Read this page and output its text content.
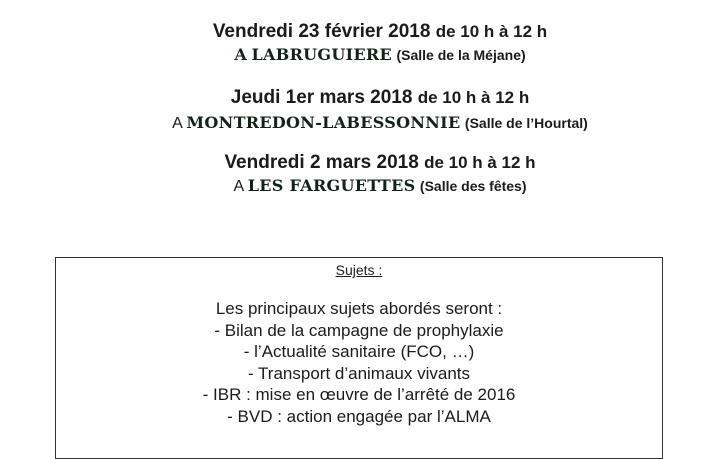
Vendredi 23 février 2018 de 10 h à 12 h
A LABRUGUIERE (Salle de la Méjane)
Jeudi 1er mars 2018 de 10 h à 12 h
A MONTREDON-LABESSONNIE (Salle de l’Hourtal)
Vendredi 2 mars 2018 de 10 h à 12 h
A LES FARGUETTES (Salle des fêtes)
Sujets :
Les principaux sujets abordés seront :
- Bilan de la campagne de prophylaxie
- l’Actualité sanitaire (FCO, …)
- Transport d’animaux vivants
- IBR : mise en œuvre de l’arrêté de 2016
- BVD : action engagée par l’ALMA
